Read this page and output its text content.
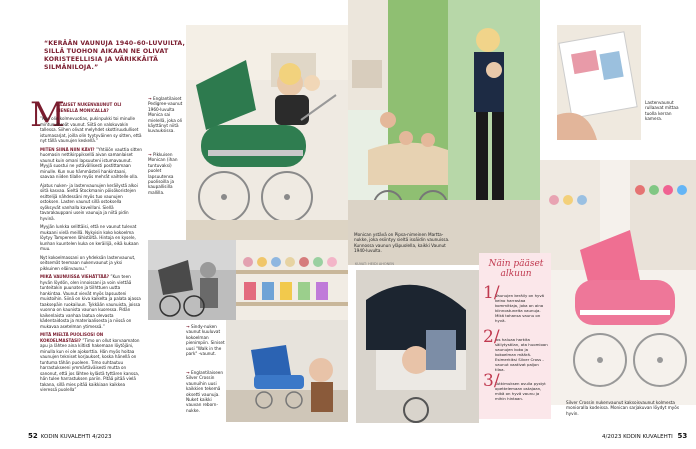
“KERÄÄN VAUNUJA 1940–60-LUVUILTA, SILLÄ TUOHON AIKAAN NE OLIVAT KORISTEELLISIA JA VÄRIKKÄITÄ SILMÄNILOJA.”
→ Englantilaiset Pedigree-vaunut 1960-luvulta Monica sai mielellä, joka oli käyttänyt niitä kuvauksissa.
→ Pikkuisen Monican (ihan tuntuvaksi) puolet lapsuutensa puolisoilla ja kaupallisilla mallilla.
M

ILLAISET NUKENVAUNUT OLI PIENELLÄ MONICALLA?

”Kun olin kolmevuotias, pukinpukki toi minulle mintunvihreät vaunut. Siitä on valokuvakin tallessa. Siihen olivat melyhdet skottiruudulliset istumasarjat, joilla olin tyytyväinen sy sitten, että nyt tällä vaunujen keskellä.”

MITEN SIINÄ NIIN KÄVI? ”Yhtiöön vauttia sitten huomasin nettikirppiksellä aivan samanlaiset vaunut kuin omani lapsuuteni istumavaunut. Myyjä suostui ne ystävällisesti postittamaan minulle. Kun nuo hämmästeli hankintaani, saavaa niiden tilalle myös mehrät vaihtelle olla.

Ajatus nuken- ja lastenvaunujen keräilystä alkoi siitä kasvaa. Sieltä Stockmanin pöisökoristejen esittelijä nähdessäni myös tuo vaunujen ostoksen. Lasten vaunut sillä ostoksella syöksyvät vanhalla kaveillani. Siellä tavarakauppani usein vaunuja ja niitä pidin hyvinä.

Myyjän lunkka selittäisi, että ne vaunut tulevat mukaani vielä meillä. Nykyisin koko kokoelma löytyy Tampereen lähistöltä. Hintoja en kysele, kunhan kuuntelen kuka on keräilijä, eikä kukaan muu.

Nyt kokoelmassani on yhdeksän lastenvaunut, seitsemät teemaan nukenvaunut ja yksi pikkuinen eläinvaunu.”

MIKÄ VAUNUISSA VIEHÄTTÄÄ? ”Kun teen hyvän löydön, olen innoissani ja voin viettää tunteitakin puunaten ja tiilhttuen uutta hankintaa. Vaunut vievät myös lapsuuteni muistoihin. Siinä on kiva kaikelta ja palata ajassa taaksepäin ruokailuun. Tykkään vaunuista, joissa vuonna on kaunista vaunun kuoressa. Pidän kaikenlaista vanhaa laatua olevasta kädentaidosta ja materiaalisesta ja niissä on mukavaa asetelman ytimessä.”

MITÄ MIELTÄ PUOLISOSI ON KOKOELMASTASI? ”Timo on ollut korvaamaton apu ja lähtee aina kiltisti hakemaan löytöjäni, minulla kun ei ole ajokorttia. Hän myös hoitaa vaunujen tekniset korjaukset, koska hänellä on tuntuma tähän puoleen. Timo suhtautuu harrastukseeni ymmärtäväisesti mutta on sanonut, että jos lähtee kylästä tyttären kanssa, hän tulee harrastuksen pariin. Pitää pitää vielä takana, sillä mies pitää kaikkiaan kaikkea vieressä puolella”

→ Sindy-nuken vaunut kuuluvat kokoelman pienimpiin. Siniset uusi "Walk in the park" -vaunut.
→ Englantilaiseen Silver Crossin vaunuihin uusi kaikkien tekemä oksetti vaunuja. Nuket kaikki vauvan reborn-nukke.
52 KODIN KUVALEHTI 4/2023
Monican ystävä on Pipsa-nimeinen Martta-nukke, joka esiintyy sieltä isoäidin vaunuissa. Kunnossa vaunun yläpuolella, kaikki Vaunut 1940-luvulta.
Lastenvaunut rullaavat mittaa tuolla kerran kamera.
Silver Crossin nukenvaunut kaksoisvaunut kolmesta monioralla kodeissa. Monican sarjakuvan löydyt myös hyvin.
4/2023 KODIN KUVALEHTI 53
Näin pääset alkuun
1/
Vaunujen keräily on hyvä keino harrastaa kommittaja, joka on aina kiinnostuneita vaunuja. Mikä tahansa vaunu on hyvä.
2/
Jos haluaa harkita säilytystilan, ota huomioon vaunujen koko ja kokoelman määrä. Esimerkiksi Silver Cross -vaunut vaativat paljon tilaa.
3/
Tutkimuksen avulla pystyt opettelemaan ostajaan, mikä on hyvä vaunu ja mihin hintaan.
KUVAT: HEIDI AHONEN
